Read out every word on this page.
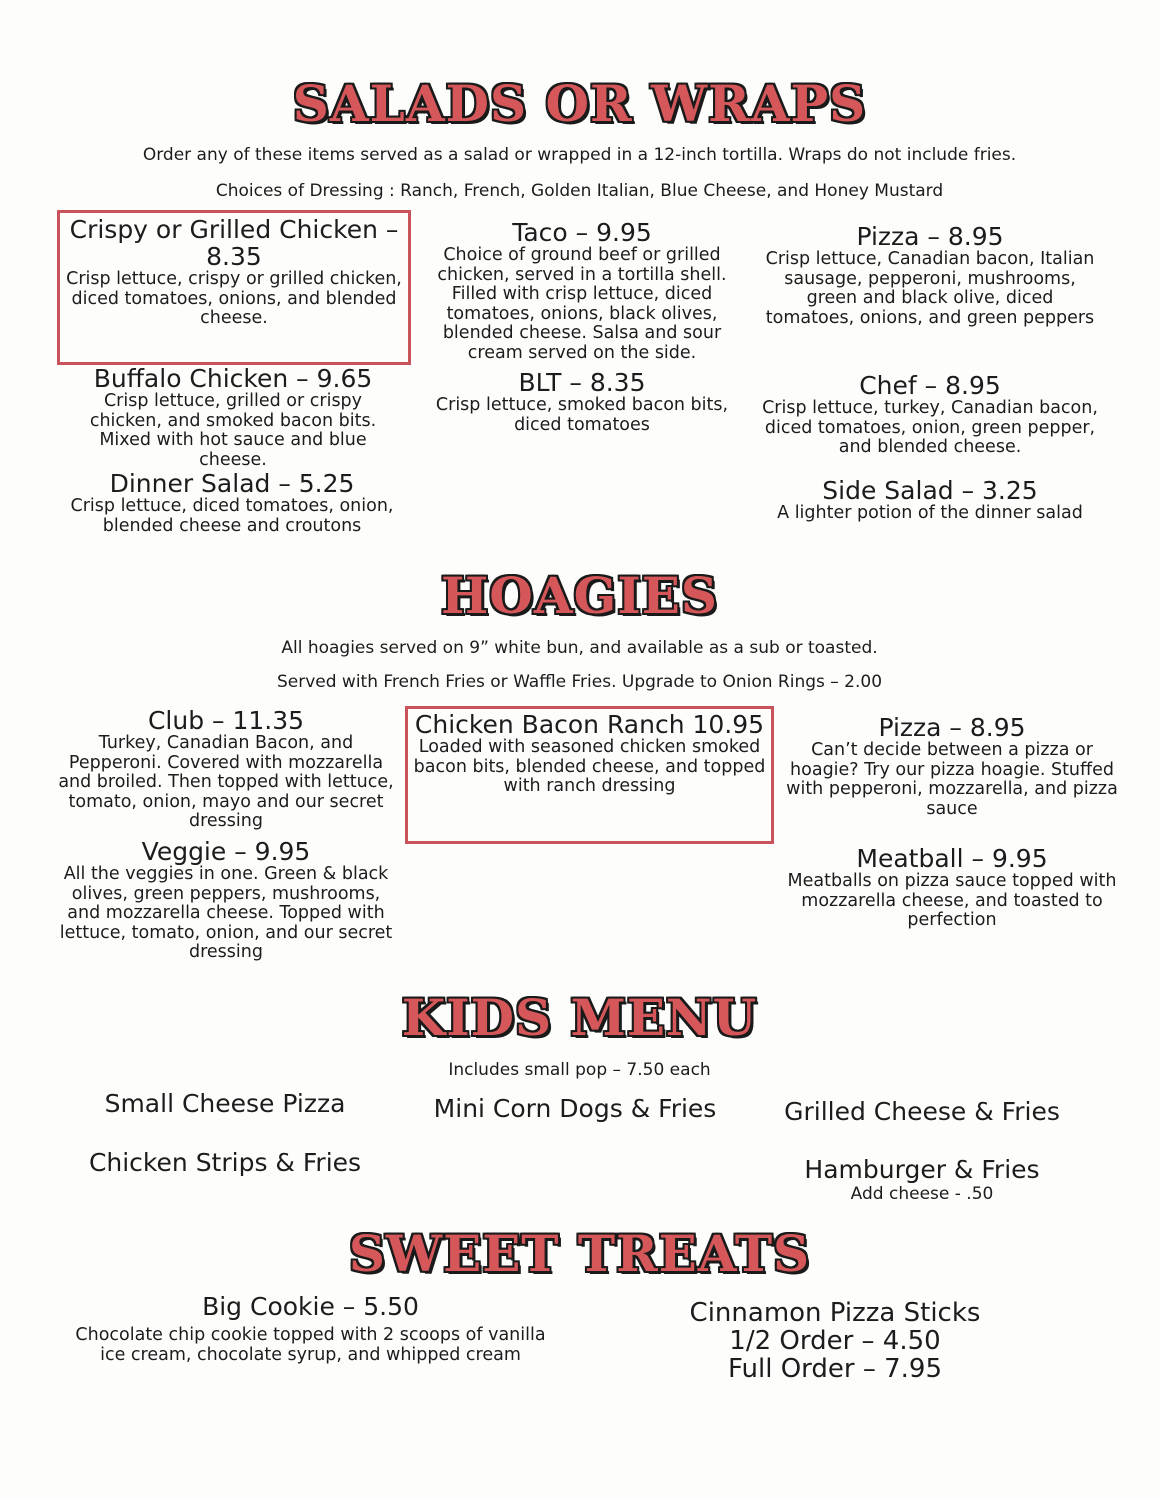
SALADS OR WRAPS
Order any of these items served as a salad or wrapped in a 12-inch tortilla. Wraps do not include fries.
Choices of Dressing : Ranch, French, Golden Italian, Blue Cheese, and Honey Mustard
Crispy or Grilled Chicken – 8.35
Crisp lettuce, crispy or grilled chicken, diced tomatoes, onions, and blended cheese.
Taco – 9.95
Choice of ground beef or grilled chicken, served in a tortilla shell. Filled with crisp lettuce, diced tomatoes, onions, black olives, blended cheese. Salsa and sour cream served on the side.
Pizza – 8.95
Crisp lettuce, Canadian bacon, Italian sausage, pepperoni, mushrooms, green and black olive, diced tomatoes, onions, and green peppers
Buffalo Chicken – 9.65
Crisp lettuce, grilled or crispy chicken, and smoked bacon bits. Mixed with hot sauce and blue cheese.
BLT – 8.35
Crisp lettuce, smoked bacon bits, diced tomatoes
Chef – 8.95
Crisp lettuce, turkey, Canadian bacon, diced tomatoes, onion, green pepper, and blended cheese.
Dinner Salad – 5.25
Crisp lettuce, diced tomatoes, onion, blended cheese and croutons
Side Salad – 3.25
A lighter potion of the dinner salad
HOAGIES
All hoagies served on 9” white bun, and available as a sub or toasted.
Served with French Fries or Waffle Fries. Upgrade to Onion Rings – 2.00
Club – 11.35
Turkey, Canadian Bacon, and Pepperoni. Covered with mozzarella and broiled. Then topped with lettuce, tomato, onion, mayo and our secret dressing
Chicken Bacon Ranch 10.95
Loaded with seasoned chicken smoked bacon bits, blended cheese, and topped with ranch dressing
Pizza – 8.95
Can’t decide between a pizza or hoagie? Try our pizza hoagie. Stuffed with pepperoni, mozzarella, and pizza sauce
Veggie – 9.95
All the veggies in one. Green & black olives, green peppers, mushrooms, and mozzarella cheese. Topped with lettuce, tomato, onion, and our secret dressing
Meatball – 9.95
Meatballs on pizza sauce topped with mozzarella cheese, and toasted to perfection
KIDS MENU
Includes small pop – 7.50 each
Small Cheese Pizza	Mini Corn Dogs & Fries	Grilled Cheese & Fries
Chicken Strips & Fries	Hamburger & Fries
Add cheese - .50
SWEET TREATS
Big Cookie – 5.50
Chocolate chip cookie topped with 2 scoops of vanilla ice cream, chocolate syrup, and whipped cream
Cinnamon Pizza Sticks
1/2 Order – 4.50
Full Order – 7.95
